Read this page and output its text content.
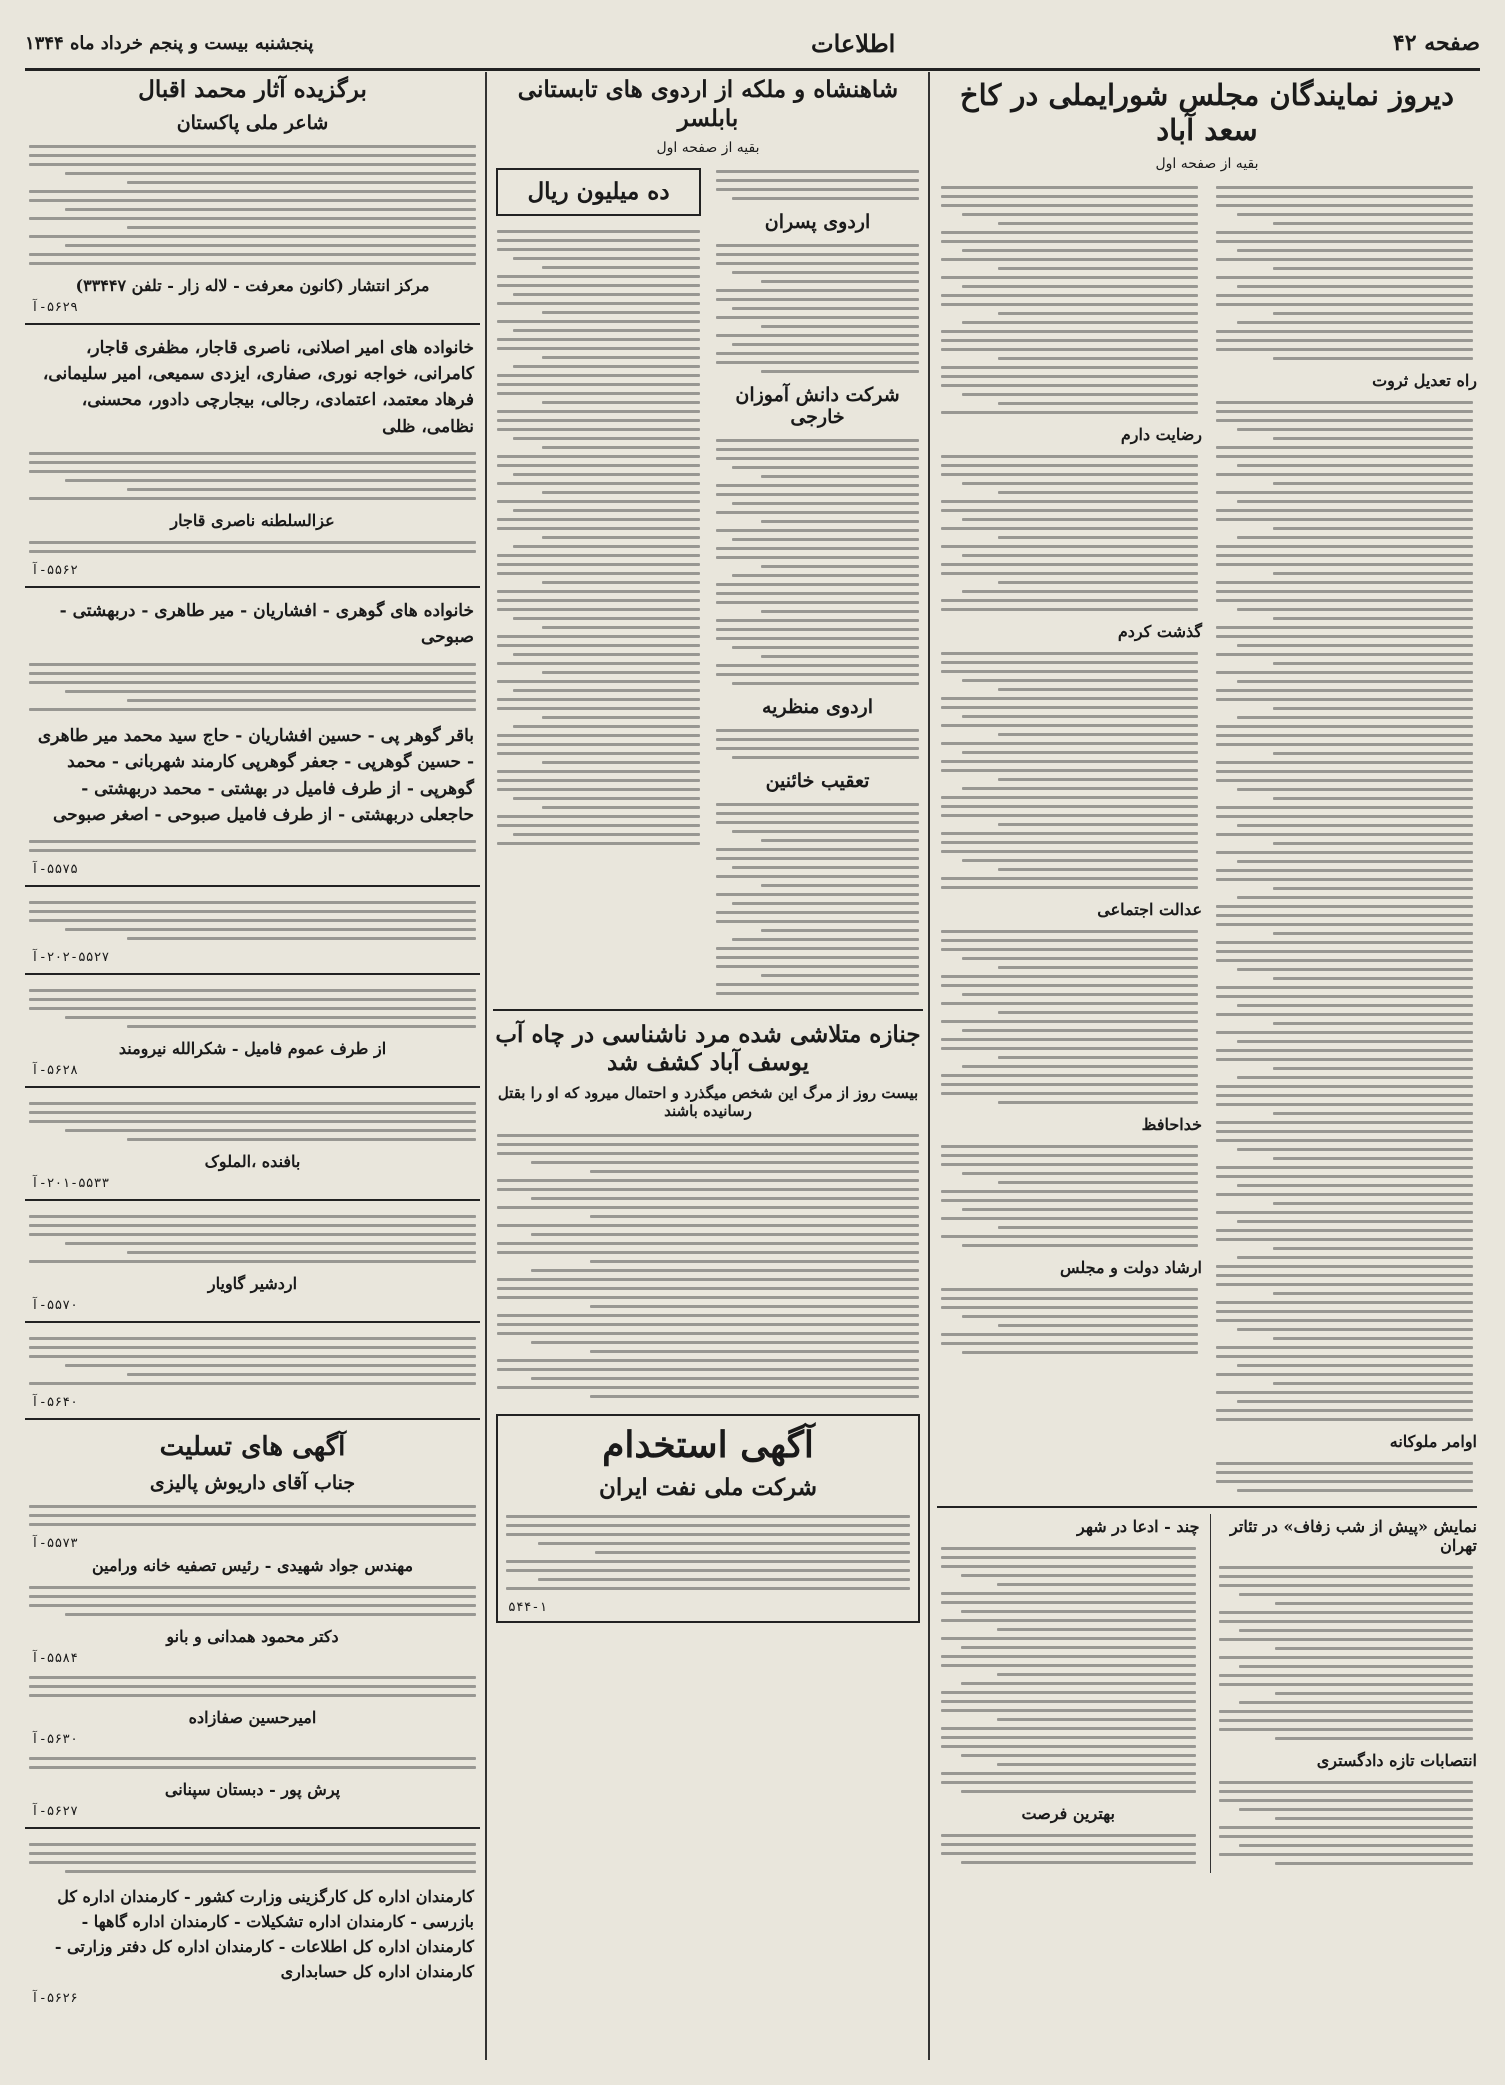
صفحه ۴۲
اطلاعات
پنجشنبه بیست و پنجم خرداد ماه ۱۳۴۴
دیروز نمایندگان مجلس شورایملی در کاخ سعد آباد
بقیه از صفحه اول
راه تعدیل ثروت
اوامر ملوکانه
رضایت دارم
گذشت کردم
عدالت اجتماعی
خداحافظ
ارشاد دولت و مجلس
نمایش «پیش از شب زفاف» در تئاتر تهران
انتصابات تازه دادگستری
چند - ادعا در شهر
بهترین فرصت
شاهنشاه و ملکه از اردوی های تابستانی بابلسر
بقیه از صفحه اول
اردوی پسران
شرکت دانش آموزان خارجی
اردوی منظریه
تعقیب خائنین
ده میلیون ریال
جنازه متلاشی شده مرد ناشناسی در چاه آب یوسف آباد کشف شد
بیست روز از مرگ این شخص میگذرد و احتمال میرود که او را بقتل رسانیده باشند
آگهی استخدام
شرکت ملی نفت ایران
۵۴۴-۱
برگزیده آثار محمد اقبال
شاعر ملی پاکستان
مرکز انتشار (کانون معرفت - لاله زار - تلفن ۳۳۴۴۷)
۵۶۲۹-آ
خانواده های امیر اصلانی، ناصری قاجار، مظفری قاجار، کامرانی، خواجه نوری، صفاری، ایزدی سمیعی، امیر سلیمانی، فرهاد معتمد، اعتمادی، رجالی، بیجارچی دادور، محسنی، نظامی، ظلی
عزالسلطنه ناصری قاجار
۵۵۶۲-آ
خانواده های گوهری - افشاریان - میر طاهری - دربهشتی - صبوحی
باقر گوهر پی - حسین افشاریان - حاج سید محمد میر طاهری - حسین گوهرپی - جعفر گوهرپی کارمند شهربانی - محمد گوهرپی - از طرف فامیل در بهشتی - محمد دربهشتی - حاجعلی دربهشتی - از طرف فامیل صبوحی - اصغر صبوحی
۵۵۷۵-آ
۲۰۲-۵۵۲۷-آ
از طرف عموم فامیل - شکرالله نیرومند
۵۶۲۸-آ
بافنده ،الملوک
۲۰۱-۵۵۳۳-آ
اردشیر گاویار
۵۵۷۰-آ
۵۶۴۰-آ
آگهی های تسلیت
جناب آقای داریوش پالیزی
۵۵۷۳-آ
مهندس جواد شهیدی - رئیس تصفیه خانه ورامین
دکتر محمود همدانی و بانو
۵۵۸۴-آ
امیرحسین صفازاده
۵۶۳۰-آ
پرش پور - دبستان سپنانی
۵۶۲۷-آ
کارمندان اداره کل کارگزینی وزارت کشور - کارمندان اداره کل بازرسی - کارمندان اداره تشکیلات - کارمندان اداره گاهها - کارمندان اداره کل اطلاعات - کارمندان اداره کل دفتر وزارتی - کارمندان اداره کل حسابداری
۵۶۲۶-آ
